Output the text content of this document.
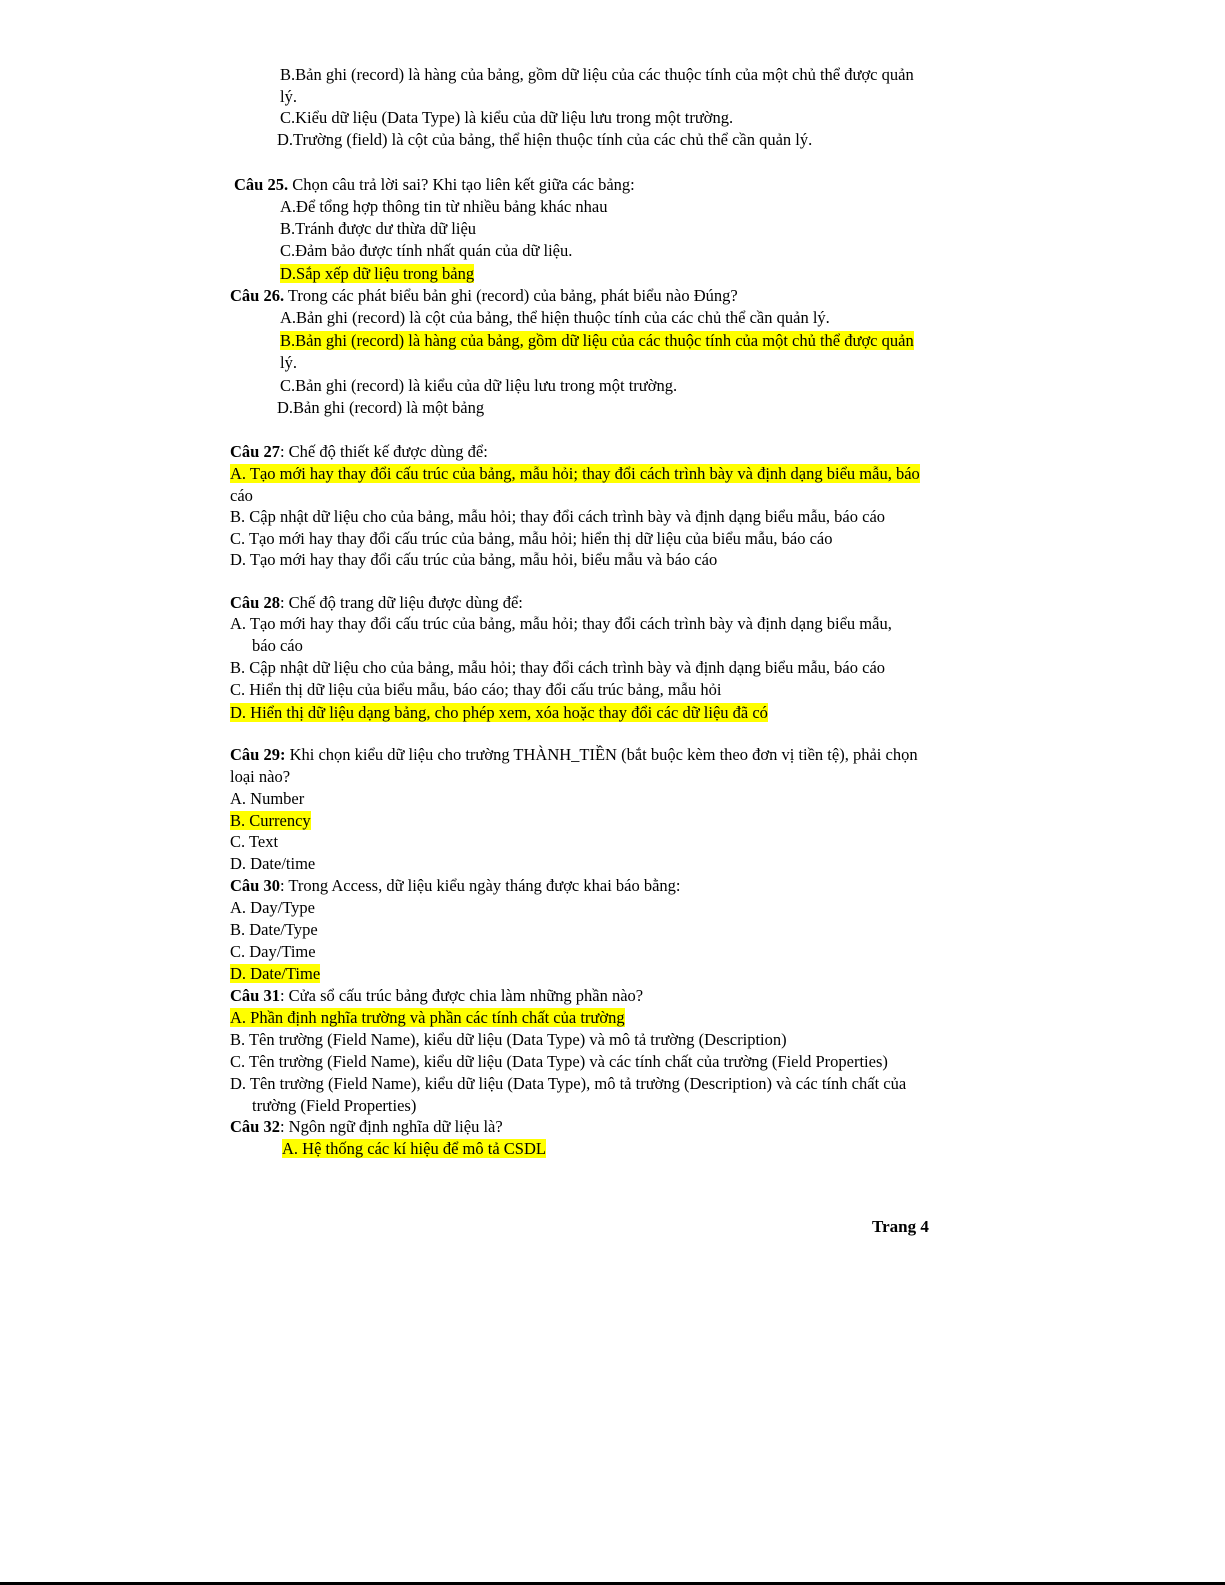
B.Bản ghi (record) là hàng của bảng, gồm dữ liệu của các thuộc tính của một chủ thể được quản
lý.
C.Kiểu dữ liệu (Data Type) là kiểu của dữ liệu lưu trong một trường.
D.Trường (field) là cột của bảng, thể hiện thuộc tính của các chủ thể cần quản lý.
Câu 25. Chọn câu trả lời sai? Khi tạo liên kết giữa các bảng:
A.Để tổng hợp thông tin từ nhiều bảng khác nhau
B.Tránh được dư thừa dữ liệu
C.Đảm bảo được tính nhất quán của dữ liệu.
D.Sắp xếp dữ liệu trong bảng
Câu 26. Trong các phát biểu bản ghi (record) của bảng, phát biểu nào Đúng?
A.Bản ghi (record) là cột của bảng, thể hiện thuộc tính của các chủ thể cần quản lý.
B.Bản ghi (record) là hàng của bảng, gồm dữ liệu của các thuộc tính của một chủ thể được quản
lý.
C.Bản ghi (record) là kiểu của dữ liệu lưu trong một trường.
D.Bản ghi (record) là một bảng
Câu 27: Chế độ thiết kế được dùng để:
A. Tạo mới hay thay đổi cấu trúc của bảng, mẫu hỏi; thay đổi cách trình bày và định dạng biểu mẫu, báo
cáo
B. Cập nhật dữ liệu cho của bảng, mẫu hỏi; thay đổi cách trình bày và định dạng biểu mẫu, báo cáo
C. Tạo mới hay thay đổi cấu trúc của bảng, mẫu hỏi; hiển thị dữ liệu của biểu mẫu, báo cáo
D. Tạo mới hay thay đổi cấu trúc của bảng, mẫu hỏi, biểu mẫu và báo cáo
Câu 28: Chế độ trang dữ liệu được dùng để:
A. Tạo mới hay thay đổi cấu trúc của bảng, mẫu hỏi; thay đổi cách trình bày và định dạng biểu mẫu,
báo cáo
B. Cập nhật dữ liệu cho của bảng, mẫu hỏi; thay đổi cách trình bày và định dạng biểu mẫu, báo cáo
C. Hiển thị dữ liệu của biểu mẫu, báo cáo; thay đổi cấu trúc bảng, mẫu hỏi
D. Hiển thị dữ liệu dạng bảng, cho phép xem, xóa hoặc thay đổi các dữ liệu đã có
Câu 29: Khi chọn kiểu dữ liệu cho trường THÀNH_TIỀN (bắt buộc kèm theo đơn vị tiền tệ), phải chọn
loại nào?
A. Number
B. Currency
C. Text
D. Date/time
Câu 30: Trong Access, dữ liệu kiểu ngày tháng được khai báo bằng:
A. Day/Type
B. Date/Type
C. Day/Time
D. Date/Time
Câu 31: Cửa sổ cấu trúc bảng được chia làm những phần nào?
A. Phần định nghĩa trường và phần các tính chất của trường
B. Tên trường (Field Name), kiểu dữ liệu (Data Type) và mô tả trường (Description)
C. Tên trường (Field Name), kiểu dữ liệu (Data Type) và các tính chất của trường (Field Properties)
D. Tên trường (Field Name), kiểu dữ liệu (Data Type), mô tả trường (Description) và các tính chất của
trường (Field Properties)
Câu 32: Ngôn ngữ định nghĩa dữ liệu là?
A. Hệ thống các kí hiệu để mô tả CSDL
Trang 4
